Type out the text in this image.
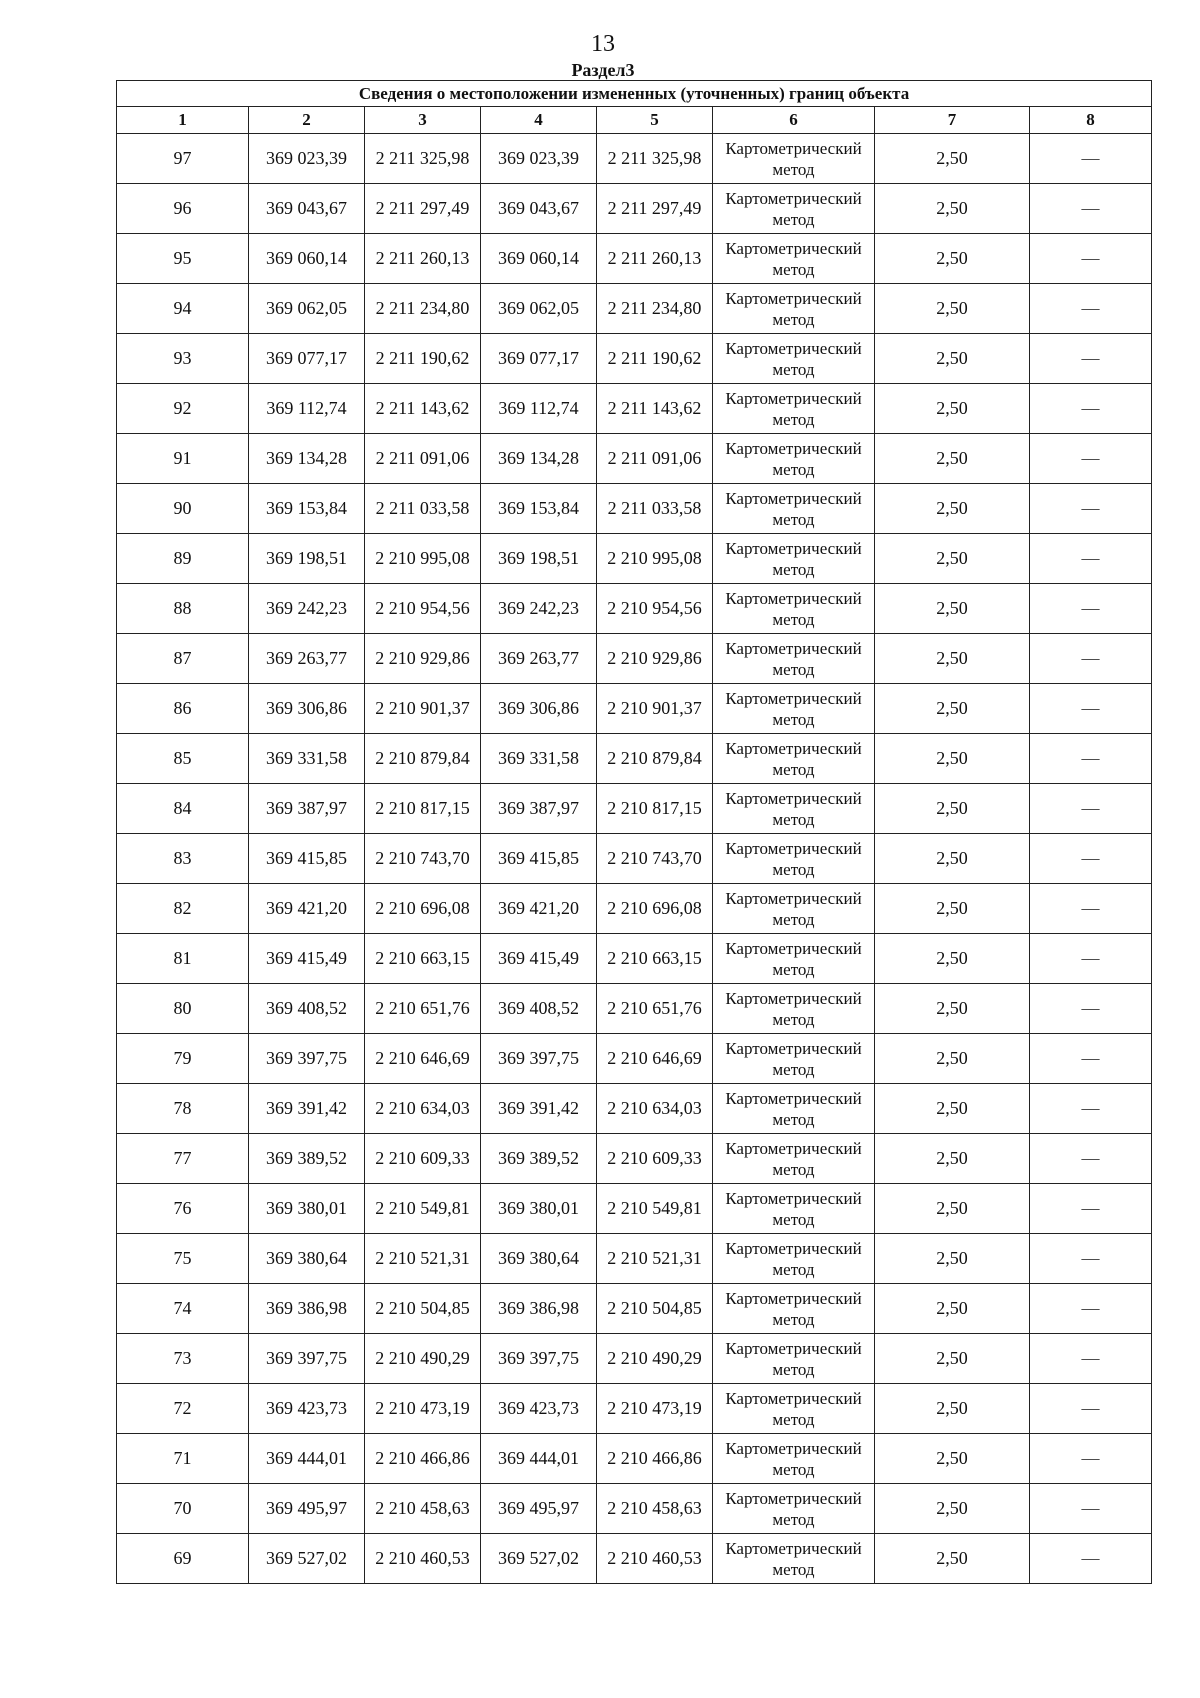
13
Раздел3
Сведения о местоположении измененных (уточненных) границ объекта							
1	2	3	4	5	6	7	8
97	369 023,39	2 211 325,98	369 023,39	2 211 325,98	Картометрический метод	2,50	—
96	369 043,67	2 211 297,49	369 043,67	2 211 297,49	Картометрический метод	2,50	—
95	369 060,14	2 211 260,13	369 060,14	2 211 260,13	Картометрический метод	2,50	—
94	369 062,05	2 211 234,80	369 062,05	2 211 234,80	Картометрический метод	2,50	—
93	369 077,17	2 211 190,62	369 077,17	2 211 190,62	Картометрический метод	2,50	—
92	369 112,74	2 211 143,62	369 112,74	2 211 143,62	Картометрический метод	2,50	—
91	369 134,28	2 211 091,06	369 134,28	2 211 091,06	Картометрический метод	2,50	—
90	369 153,84	2 211 033,58	369 153,84	2 211 033,58	Картометрический метод	2,50	—
89	369 198,51	2 210 995,08	369 198,51	2 210 995,08	Картометрический метод	2,50	—
88	369 242,23	2 210 954,56	369 242,23	2 210 954,56	Картометрический метод	2,50	—
87	369 263,77	2 210 929,86	369 263,77	2 210 929,86	Картометрический метод	2,50	—
86	369 306,86	2 210 901,37	369 306,86	2 210 901,37	Картометрический метод	2,50	—
85	369 331,58	2 210 879,84	369 331,58	2 210 879,84	Картометрический метод	2,50	—
84	369 387,97	2 210 817,15	369 387,97	2 210 817,15	Картометрический метод	2,50	—
83	369 415,85	2 210 743,70	369 415,85	2 210 743,70	Картометрический метод	2,50	—
82	369 421,20	2 210 696,08	369 421,20	2 210 696,08	Картометрический метод	2,50	—
81	369 415,49	2 210 663,15	369 415,49	2 210 663,15	Картометрический метод	2,50	—
80	369 408,52	2 210 651,76	369 408,52	2 210 651,76	Картометрический метод	2,50	—
79	369 397,75	2 210 646,69	369 397,75	2 210 646,69	Картометрический метод	2,50	—
78	369 391,42	2 210 634,03	369 391,42	2 210 634,03	Картометрический метод	2,50	—
77	369 389,52	2 210 609,33	369 389,52	2 210 609,33	Картометрический метод	2,50	—
76	369 380,01	2 210 549,81	369 380,01	2 210 549,81	Картометрический метод	2,50	—
75	369 380,64	2 210 521,31	369 380,64	2 210 521,31	Картометрический метод	2,50	—
74	369 386,98	2 210 504,85	369 386,98	2 210 504,85	Картометрический метод	2,50	—
73	369 397,75	2 210 490,29	369 397,75	2 210 490,29	Картометрический метод	2,50	—
72	369 423,73	2 210 473,19	369 423,73	2 210 473,19	Картометрический метод	2,50	—
71	369 444,01	2 210 466,86	369 444,01	2 210 466,86	Картометрический метод	2,50	—
70	369 495,97	2 210 458,63	369 495,97	2 210 458,63	Картометрический метод	2,50	—
69	369 527,02	2 210 460,53	369 527,02	2 210 460,53	Картометрический метод	2,50	—
